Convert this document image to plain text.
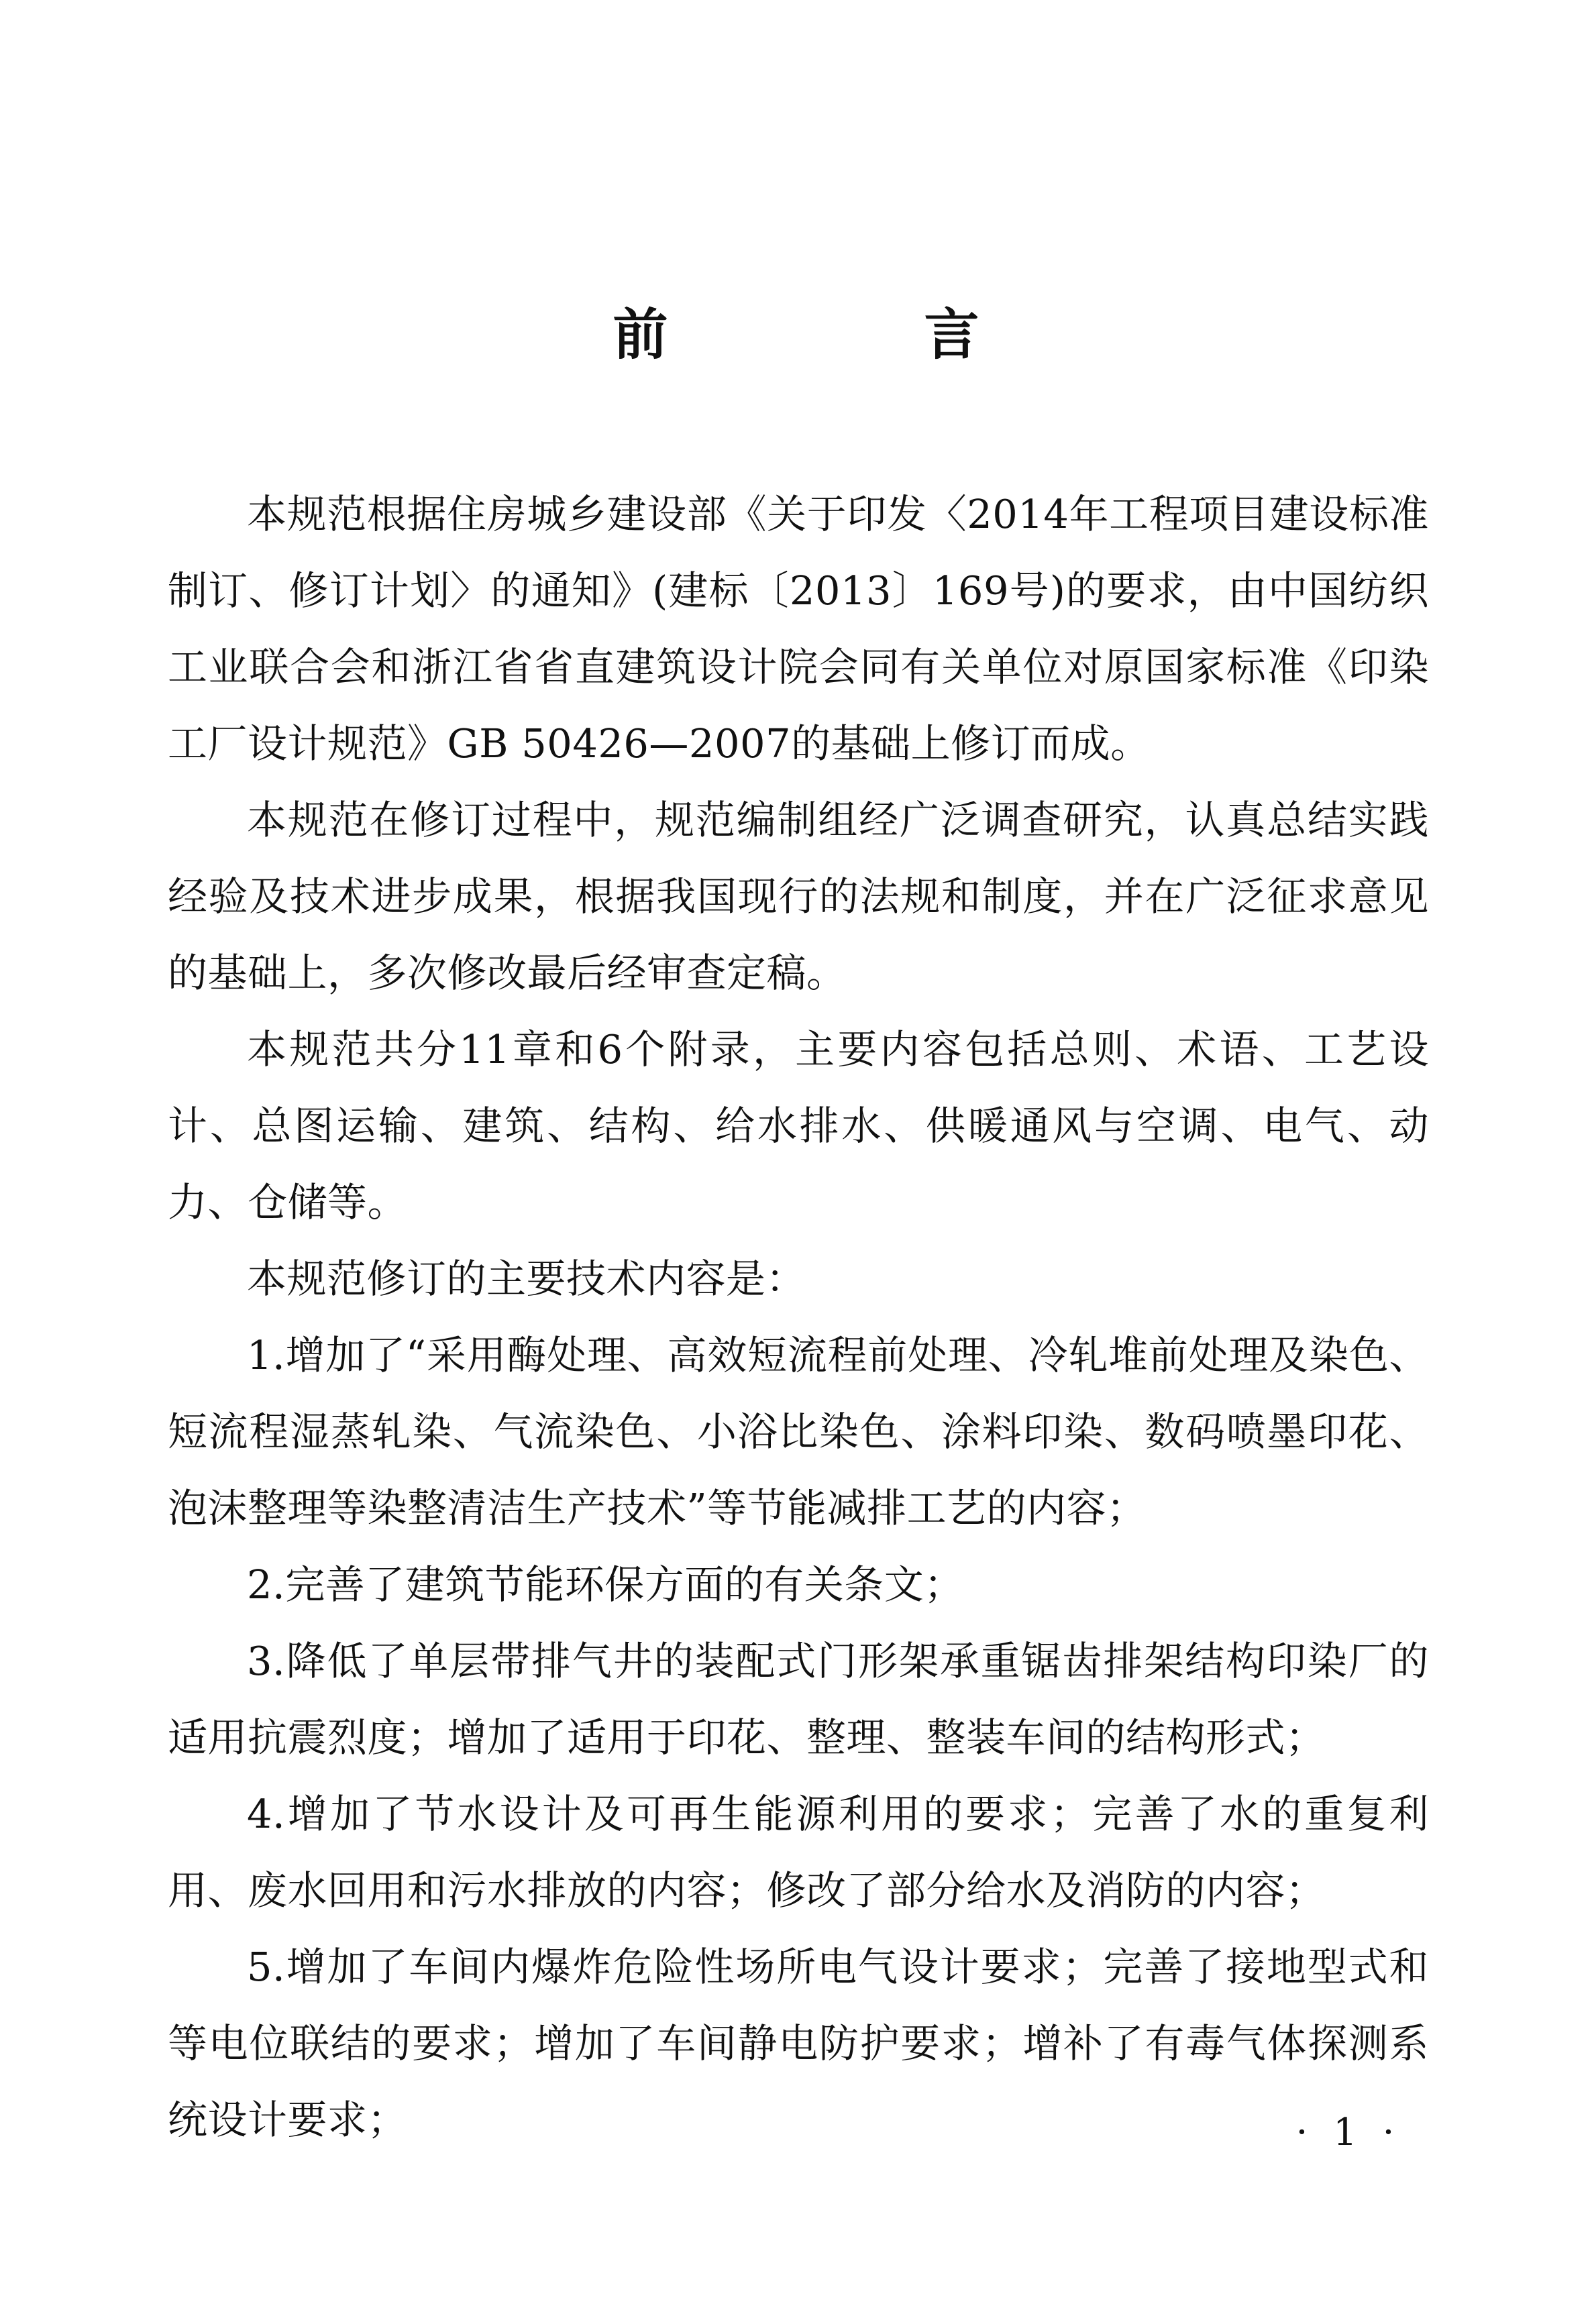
前　言

本规范根据住房城乡建设部《关于印发〈2014年工程项目建设标准制订、修订计划〉的通知》(建标〔2013〕169号)的要求，由中国纺织工业联合会和浙江省省直建筑设计院会同有关单位对原国家标准《印染工厂设计规范》GB 50426—2007的基础上修订而成。

本规范在修订过程中，规范编制组经广泛调查研究，认真总结实践经验及技术进步成果，根据我国现行的法规和制度，并在广泛征求意见的基础上，多次修改最后经审查定稿。

本规范共分11章和6个附录，主要内容包括总则、术语、工艺设计、总图运输、建筑、结构、给水排水、供暖通风与空调、电气、动力、仓储等。

本规范修订的主要技术内容是：

1.增加了“采用酶处理、高效短流程前处理、冷轧堆前处理及染色、短流程湿蒸轧染、气流染色、小浴比染色、涂料印染、数码喷墨印花、泡沫整理等染整清洁生产技术”等节能减排工艺的内容；

2.完善了建筑节能环保方面的有关条文；

3.降低了单层带排气井的装配式门形架承重锯齿排架结构印染厂的适用抗震烈度；增加了适用于印花、整理、整装车间的结构形式；

4.增加了节水设计及可再生能源利用的要求；完善了水的重复利用、废水回用和污水排放的内容；修改了部分给水及消防的内容；

5.增加了车间内爆炸危险性场所电气设计要求；完善了接地型式和等电位联结的要求；增加了车间静电防护要求；增补了有毒气体探测系统设计要求；	· 1 ·
